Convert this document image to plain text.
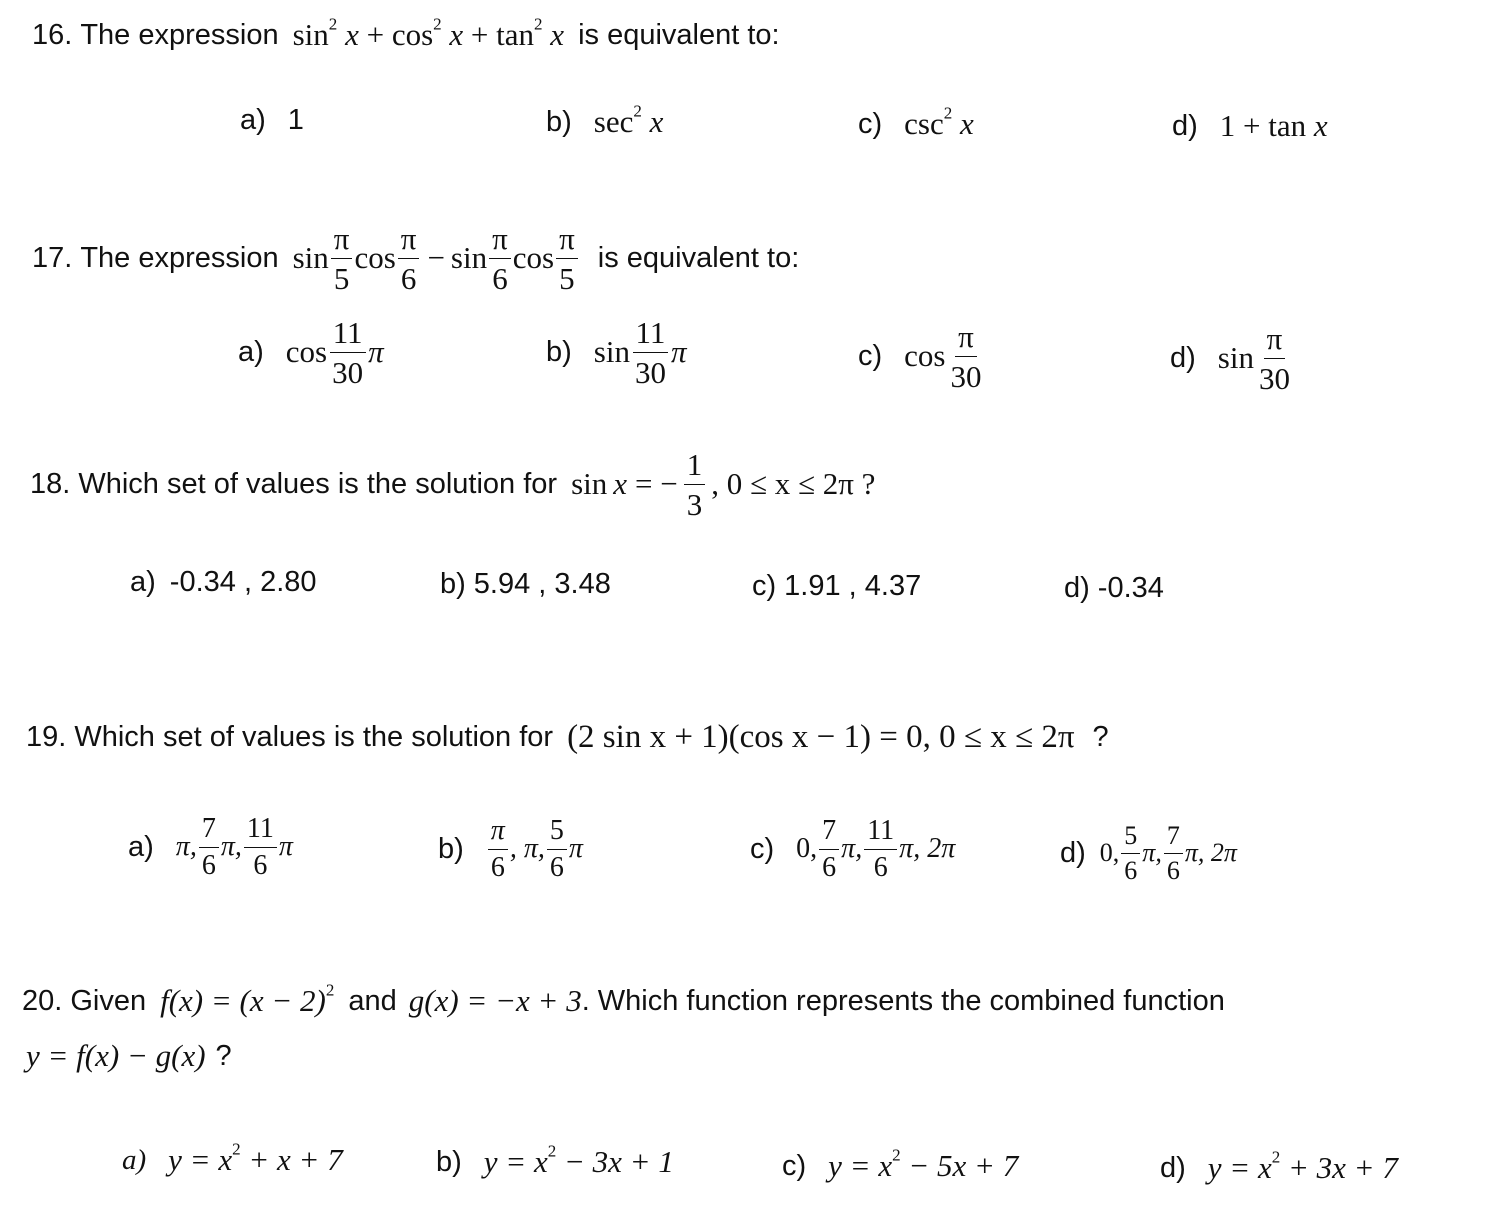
16. The expression $\sin^2 x + \cos^2 x + \tan^2 x$ is equivalent to:
a) 1	b) $\sec^2 x$	c) $\csc^2 x$	d) 1 + tan x
17. The expression $\sin \frac{\pi}{5}$ $\cos \frac{\pi}{6} - \sin \frac{\pi}{6}$ $\cos \frac{\pi}{5}$ is equivalent to:
a) $\cos \frac{11}{30}$ π	b) $\sin \frac{11}{30}$ π	c) $\cos \frac{\pi}{30}$	d) $\sin \frac{\pi}{30}$
18. Which set of values is the solution for sin x = − $\frac{1}{3}$ , 0 ≤ x ≤ 2π ?
a) -0.34 , 2.80	b) 5.94 , 3.48	c) 1.91 , 4.37	d) -0.34
19. Which set of values is the solution for (2 sin x + 1)(cos x − 1) = 0, 0 ≤ x ≤ 2π ?
a) π, $\frac{7}{6} \pi$, $\frac{11}{6}$ π	$b) \frac{\pi}{6}$ , π, $\frac{5}{6}$ π	c) 0, $\frac{7}{6} \pi$, $\frac{11}{6} \pi$, 2π	d) 0, $\frac{5}{6} \pi$, $\frac{7}{6} \pi$, 2π
20. Given $f(x) = (x - 2)^2$ and g(x) = −x + 3 . Which function represents the combined function
y = f(x) − g(x) ?
a) $y = x^2 + x + 7$	b) $y = x^2 - 3x + 1$	c) $y = x^2 - 5x + 7$	d) $y = x^2 + 3x + 7$
